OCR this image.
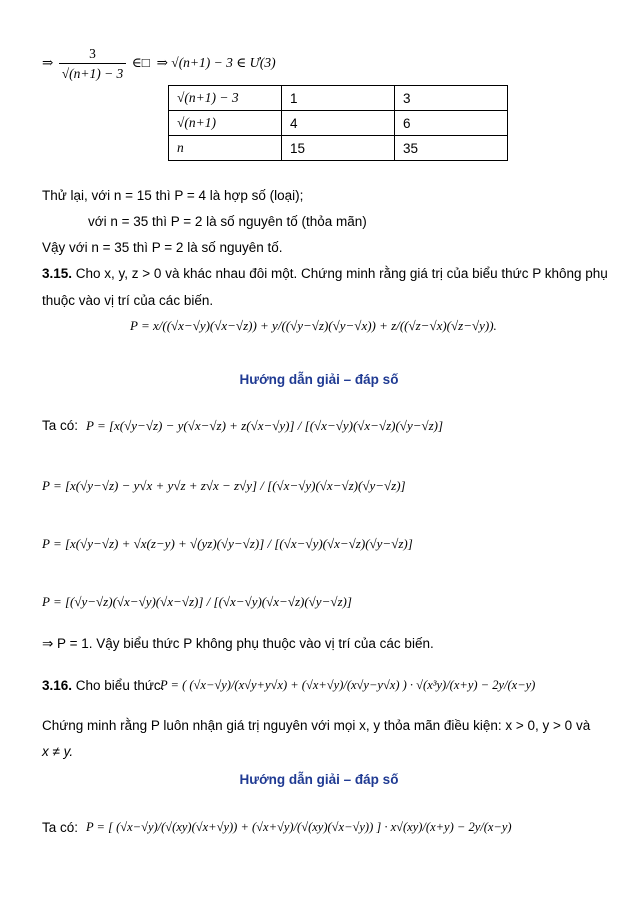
⇒ $\frac{3}{√(n+1) - 3}$ ∈□ ⇒ √(n+1) − 3 ∈ Ư(3)
√(n+1) − 3	1	3
√(n+1)	4	6
n	15	35
Thử lại, với n = 15 thì P = 4 là hợp số (loại);
với n = 35 thì P = 2 là số nguyên tố (thỏa mãn)
Vậy với n = 35 thì P = 2 là số nguyên tố.
3.15. Cho x, y, z > 0 và khác nhau đôi một. Chứng minh rằng giá trị của biểu thức P không phụ
thuộc vào vị trí của các biến.
P = x/((√x−√y)(√x−√z)) + y/((√y−√z)(√y−√x)) + z/((√z−√x)(√z−√y)).
Hướng dẫn giải – đáp số
Ta có: P = [x(√y−√z) − y(√x−√z) + z(√x−√y)] / [(√x−√y)(√x−√z)(√y−√z)]
P = [x(√y−√z) − y√x + y√z + z√x − z√y] / [(√x−√y)(√x−√z)(√y−√z)]
P = [x(√y−√z) + √x(z−y) + √(yz)(√y−√z)] / [(√x−√y)(√x−√z)(√y−√z)]
P = [(√y−√z)(√x−√y)(√x−√z)] / [(√x−√y)(√x−√z)(√y−√z)]
⇒ P = 1. Vậy biểu thức P không phụ thuộc vào vị trí của các biến.
3.16. Cho biểu thức:
P = ( (√x−√y)/(x√y+y√x) + (√x+√y)/(x√y−y√x) ) · √(x³y)/(x+y) − 2y/(x−y)
Chứng minh rằng P luôn nhận giá trị nguyên với mọi x, y thỏa mãn điều kiện: x > 0, y > 0 và
x ≠ y.
Hướng dẫn giải – đáp số
Ta có: P = [ (√x−√y)/(√(xy)(√x+√y)) + (√x+√y)/(√(xy)(√x−√y)) ] · x√(xy)/(x+y) − 2y/(x−y)
